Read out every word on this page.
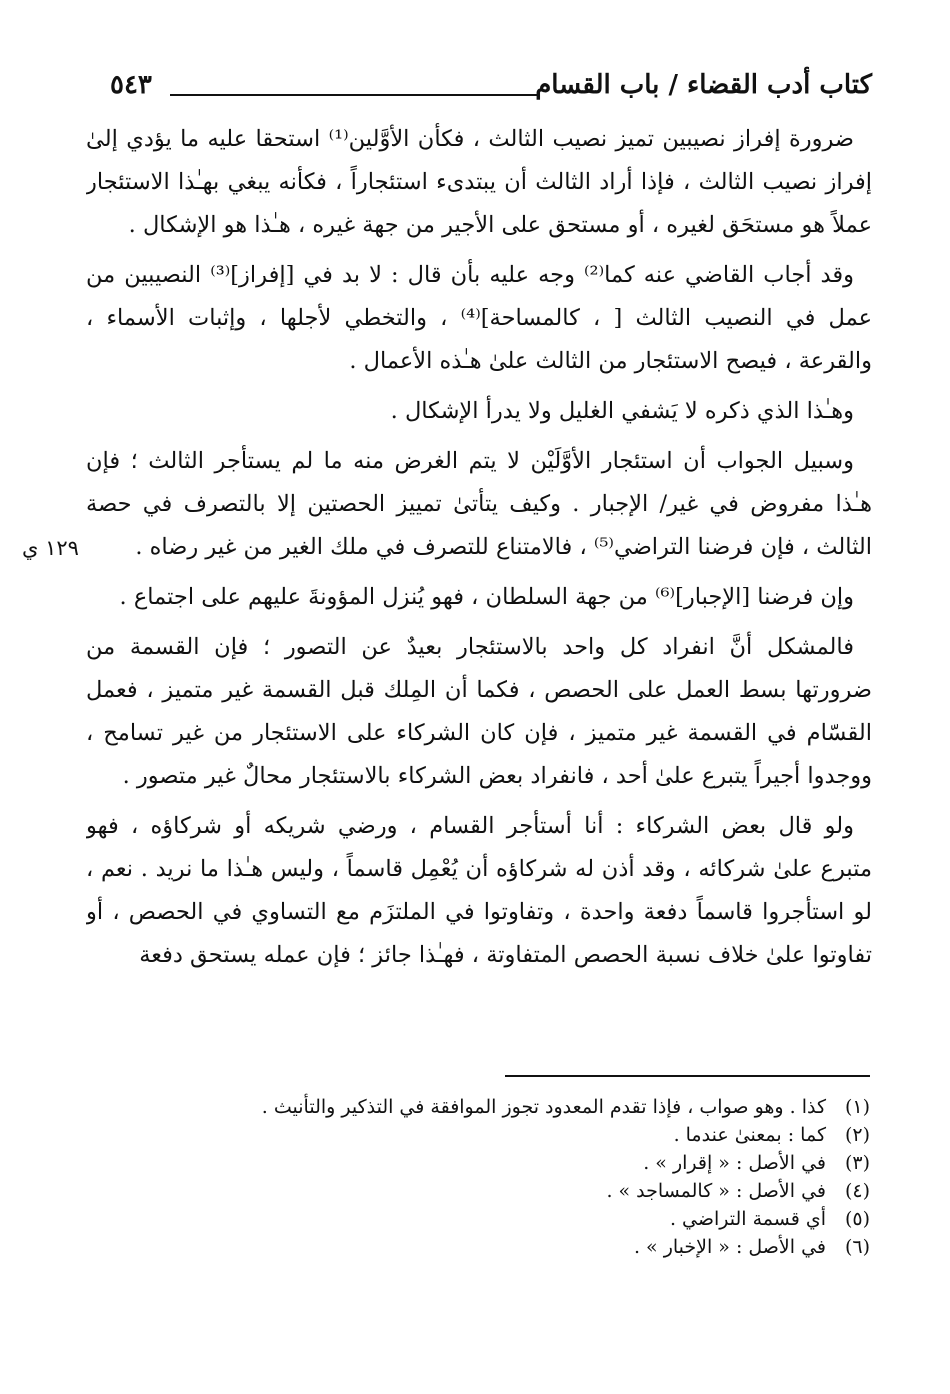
كتاب أدب القضاء / باب القسام
٥٤٣
١٢٩ ي
ضرورة إفراز نصيبين تميز نصيب الثالث ، فكأن الأوَّلين⁽¹⁾ استحقا عليه ما يؤدي إلىٰ
إفراز نصيب الثالث ، فإذا أراد الثالث أن يبتدىء استئجاراً ، فكأنه يبغي بهـٰذا الاستئجار
عملاً هو مستحَق لغيره ، أو مستحق على الأجير من جهة غيره ، هـٰذا هو الإشكال .
وقد أجاب القاضي عنه كما⁽²⁾ وجه عليه بأن قال : لا بد في [إفراز]⁽³⁾ النصيبين من
عمل في النصيب الثالث [ ، كالمساحة]⁽⁴⁾ ، والتخطي لأجلها ، وإثبات الأسماء ،
والقرعة ، فيصح الاستئجار من الثالث علىٰ هـٰذه الأعمال .
وهـٰذا الذي ذكره لا يَشفي الغليل ولا يدرأ الإشكال .
وسبيل الجواب أن استئجار الأوَّلَيْن لا يتم الغرض منه ما لم يستأجر الثالث ؛ فإن
هـٰذا مفروض في غير/ الإجبار . وكيف يتأتىٰ تمييز الحصتين إلا بالتصرف في حصة
الثالث ، فإن فرضنا التراضي⁽⁵⁾ ، فالامتناع للتصرف في ملك الغير من غير رضاه .
وإن فرضنا [الإجبار]⁽⁶⁾ من جهة السلطان ، فهو يُنزل المؤونةَ عليهم على اجتماع .
فالمشكل أنَّ انفراد كل واحد بالاستئجار بعيدٌ عن التصور ؛ فإن القسمة من
ضرورتها بسط العمل على الحصص ، فكما أن المِلك قبل القسمة غير متميز ، فعمل
القسّام في القسمة غير متميز ، فإن كان الشركاء على الاستئجار من غير تسامح ،
ووجدوا أجيراً يتبرع علىٰ أحد ، فانفراد بعض الشركاء بالاستئجار محالٌ غير متصور .
ولو قال بعض الشركاء : أنا أستأجر القسام ، ورضي شريكه أو شركاؤه ، فهو
متبرع علىٰ شركائه ، وقد أذن له شركاؤه أن يُعْمِل قاسماً ، وليس هـٰذا ما نريد . نعم ،
لو استأجروا قاسماً دفعة واحدة ، وتفاوتوا في الملتزَم مع التساوي في الحصص ، أو
تفاوتوا علىٰ خلاف نسبة الحصص المتفاوتة ، فهـٰذا جائز ؛ فإن عمله يستحق دفعة
(١)كذا . وهو صواب ، فإذا تقدم المعدود تجوز الموافقة في التذكير والتأنيث .
(٢)كما : بمعنىٰ عندما .
(٣)في الأصل : « إقرار » .
(٤)في الأصل : « كالمساجد » .
(٥)أي قسمة التراضي .
(٦)في الأصل : « الإخبار » .
